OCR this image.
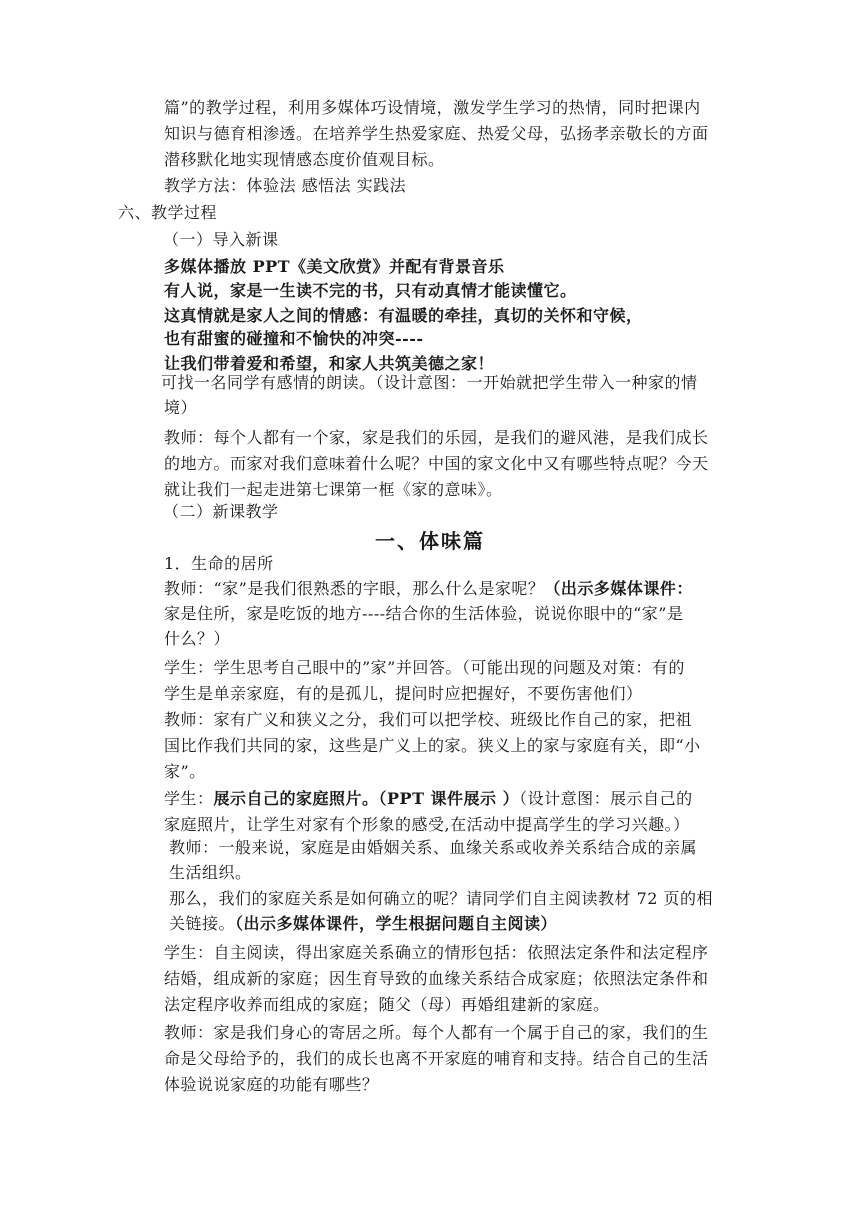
篇”的教学过程，利用多媒体巧设情境，激发学生学习的热情，同时把课内
知识与德育相渗透。在培养学生热爱家庭、热爱父母，弘扬孝亲敬长的方面
潜移默化地实现情感态度价值观目标。
教学方法：体验法 感悟法 实践法
六、教学过程
（一）导入新课
多媒体播放 PPT《美文欣赏》并配有背景音乐
有人说，家是一生读不完的书，只有动真情才能读懂它。
这真情就是家人之间的情感：有温暖的牵挂，真切的关怀和守候，
也有甜蜜的碰撞和不愉快的冲突----
让我们带着爱和希望，和家人共筑美德之家！
可找一名同学有感情的朗读。（设计意图：一开始就把学生带入一种家的情
境）
教师：每个人都有一个家，家是我们的乐园，是我们的避风港，是我们成长
的地方。而家对我们意味着什么呢？中国的家文化中又有哪些特点呢？今天
就让我们一起走进第七课第一框《家的意味》。
（二）新课教学
一、体味篇
1．生命的居所
教师：“家”是我们很熟悉的字眼，那么什么是家呢？（出示多媒体课件：
家是住所，家是吃饭的地方----结合你的生活体验，说说你眼中的“家”是
什么？）
学生：学生思考自己眼中的”家”并回答。（可能出现的问题及对策：有的
学生是单亲家庭，有的是孤儿，提问时应把握好，不要伤害他们）
教师：家有广义和狭义之分，我们可以把学校、班级比作自己的家，把祖
国比作我们共同的家，这些是广义上的家。狭义上的家与家庭有关，即“小
家”。
学生：展示自己的家庭照片。（PPT 课件展示 ）（设计意图：展示自己的
家庭照片，让学生对家有个形象的感受,在活动中提高学生的学习兴趣。）
教师：一般来说，家庭是由婚姻关系、血缘关系或收养关系结合成的亲属
生活组织。
那么，我们的家庭关系是如何确立的呢？请同学们自主阅读教材 72 页的相
关链接。（出示多媒体课件，学生根据问题自主阅读）
学生：自主阅读，得出家庭关系确立的情形包括：依照法定条件和法定程序
结婚，组成新的家庭；因生育导致的血缘关系结合成家庭；依照法定条件和
法定程序收养而组成的家庭；随父（母）再婚组建新的家庭。
教师：家是我们身心的寄居之所。每个人都有一个属于自己的家，我们的生
命是父母给予的，我们的成长也离不开家庭的哺育和支持。结合自己的生活
体验说说家庭的功能有哪些？
